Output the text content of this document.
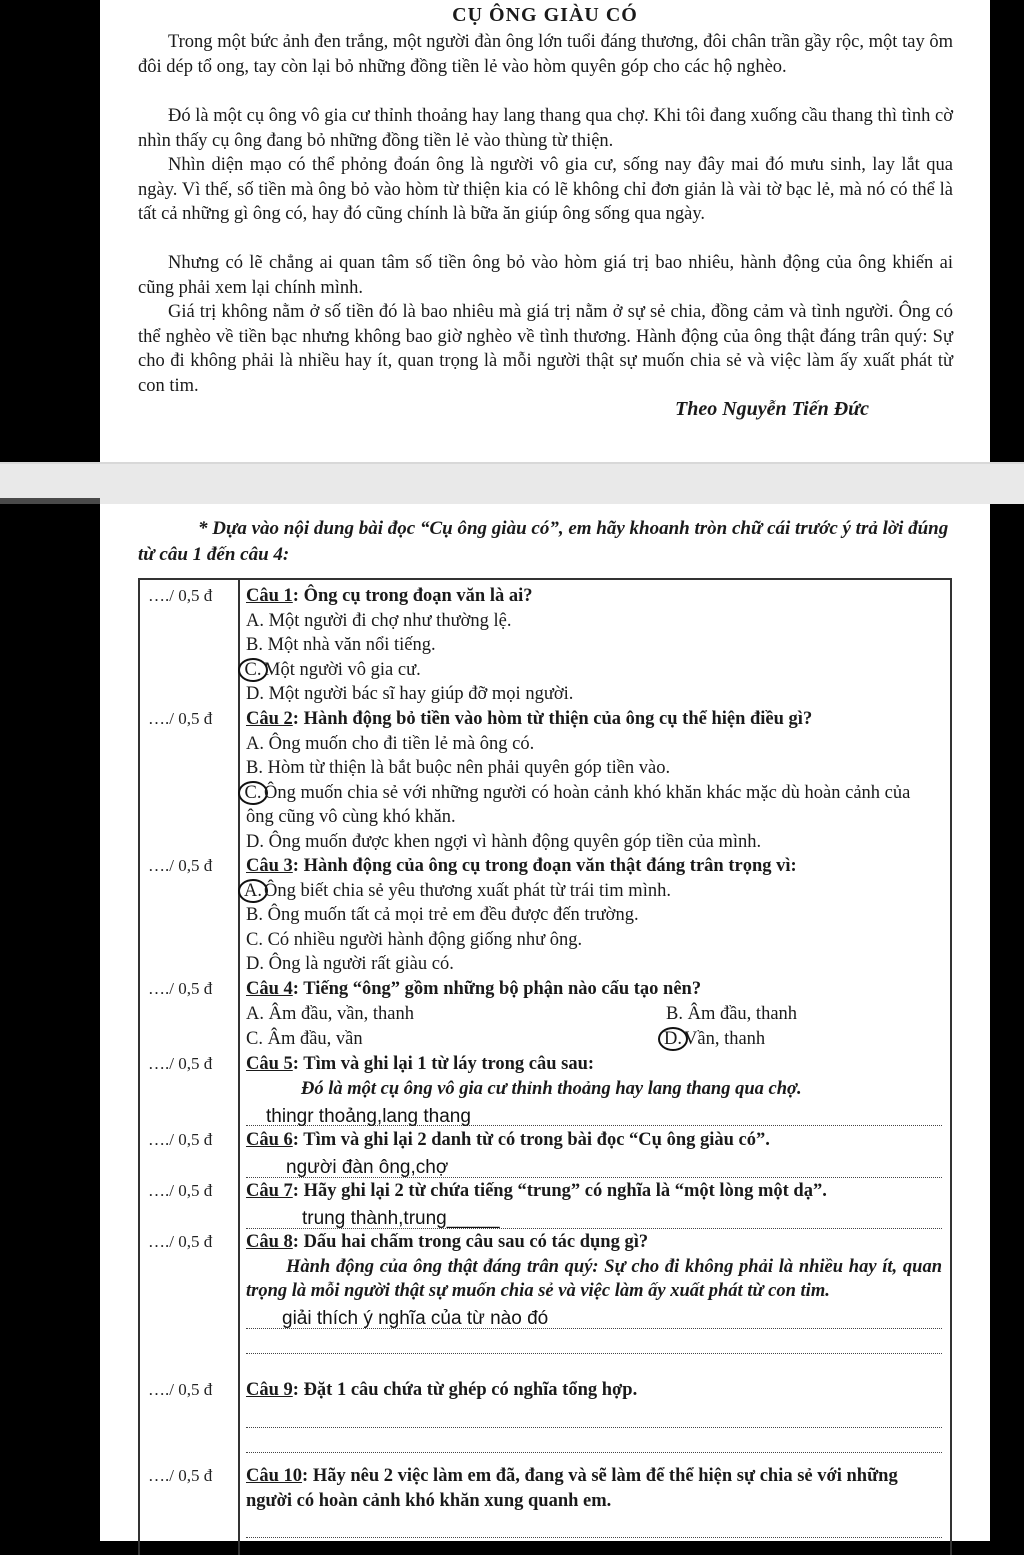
CỤ ÔNG GIÀU CÓ

Trong một bức ảnh đen trắng, một người đàn ông lớn tuổi đáng thương, đôi chân trần gầy rộc, một tay ôm đôi dép tổ ong, tay còn lại bỏ những đồng tiền lẻ vào hòm quyên góp cho các hộ nghèo.

Đó là một cụ ông vô gia cư thỉnh thoảng hay lang thang qua chợ. Khi tôi đang xuống cầu thang thì tình cờ nhìn thấy cụ ông đang bỏ những đồng tiền lẻ vào thùng từ thiện.

Nhìn diện mạo có thể phỏng đoán ông là người vô gia cư, sống nay đây mai đó mưu sinh, lay lắt qua ngày. Vì thế, số tiền mà ông bỏ vào hòm từ thiện kia có lẽ không chỉ đơn giản là vài tờ bạc lẻ, mà nó có thể là tất cả những gì ông có, hay đó cũng chính là bữa ăn giúp ông sống qua ngày.

Nhưng có lẽ chẳng ai quan tâm số tiền ông bỏ vào hòm giá trị bao nhiêu, hành động của ông khiến ai cũng phải xem lại chính mình.

Giá trị không nằm ở số tiền đó là bao nhiêu mà giá trị nằm ở sự sẻ chia, đồng cảm và tình người. Ông có thể nghèo về tiền bạc nhưng không bao giờ nghèo về tình thương. Hành động của ông thật đáng trân quý: Sự cho đi không phải là nhiều hay ít, quan trọng là mỗi người thật sự muốn chia sẻ và việc làm ấy xuất phát từ con tim.

Theo Nguyễn Tiến Đức
* Dựa vào nội dung bài đọc “Cụ ông giàu có”, em hãy khoanh tròn chữ cái trước ý trả lời đúng từ câu 1 đến câu 4:
…./ 0,5 đ	Câu 1: Ông cụ trong đoạn văn là ai?
A. Một người đi chợ như thường lệ.
B. Một nhà văn nổi tiếng.
C. Một người vô gia cư.
D. Một người bác sĩ hay giúp đỡ mọi người.
…./ 0,5 đ	Câu 2: Hành động bỏ tiền vào hòm từ thiện của ông cụ thể hiện điều gì?
A. Ông muốn cho đi tiền lẻ mà ông có.
B. Hòm từ thiện là bắt buộc nên phải quyên góp tiền vào.
C. Ông muốn chia sẻ với những người có hoàn cảnh khó khăn khác mặc dù hoàn cảnh của ông cũng vô cùng khó khăn.
D. Ông muốn được khen ngợi vì hành động quyên góp tiền của mình.
…./ 0,5 đ	Câu 3: Hành động của ông cụ trong đoạn văn thật đáng trân trọng vì:
A. Ông biết chia sẻ yêu thương xuất phát từ trái tim mình.
B. Ông muốn tất cả mọi trẻ em đều được đến trường.
C. Có nhiều người hành động giống như ông.
D. Ông là người rất giàu có.
…./ 0,5 đ	Câu 4: Tiếng “ông” gồm những bộ phận nào cấu tạo nên?
A. Âm đầu, vần, thanh	B. Âm đầu, thanh
C. Âm đầu, vần	D. Vần, thanh
…./ 0,5 đ	Câu 5: Tìm và ghi lại 1 từ láy trong câu sau:
Đó là một cụ ông vô gia cư thỉnh thoảng hay lang thang qua chợ.
thingr thoảng,lang thang
…./ 0,5 đ	Câu 6: Tìm và ghi lại 2 danh từ có trong bài đọc “Cụ ông giàu có”.
người đàn ông,chợ
…./ 0,5 đ	Câu 7: Hãy ghi lại 2 từ chứa tiếng “trung” có nghĩa là “một lòng một dạ”.
trung thành,trung_____
…./ 0,5 đ	Câu 8: Dấu hai chấm trong câu sau có tác dụng gì?
Hành động của ông thật đáng trân quý: Sự cho đi không phải là nhiều hay ít, quan trọng là mỗi người thật sự muốn chia sẻ và việc làm ấy xuất phát từ con tim.
giải thích ý nghĩa của từ nào đó
…./ 0,5 đ	Câu 9: Đặt 1 câu chứa từ ghép có nghĩa tổng hợp.
…./ 0,5 đ	Câu 10: Hãy nêu 2 việc làm em đã, đang và sẽ làm để thể hiện sự chia sẻ với những người có hoàn cảnh khó khăn xung quanh em.
